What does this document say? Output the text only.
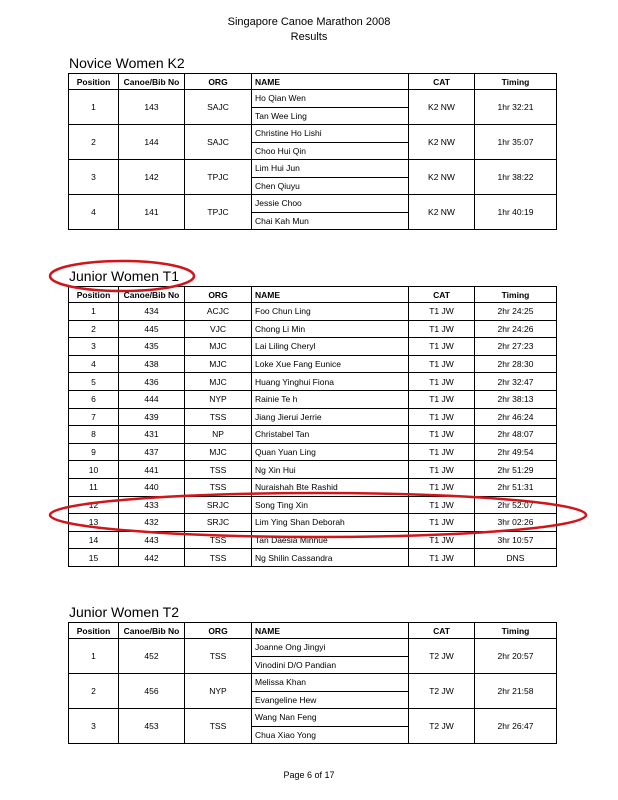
Singapore Canoe Marathon 2008
Results
Novice Women K2
Position	Canoe/Bib No	ORG	NAME	CAT	Timing
1	143	SAJC	Ho Qian Wen	K2 NW	1hr 32:21
			Tan Wee Ling		
2	144	SAJC	Christine Ho Lishi	K2 NW	1hr 35:07
			Choo Hui Qin		
3	142	TPJC	Lim Hui Jun	K2 NW	1hr 38:22
			Chen Qiuyu		
4	141	TPJC	Jessie Choo	K2 NW	1hr 40:19
			Chai Kah Mun		
Junior Women T1
Position	Canoe/Bib No	ORG	NAME	CAT	Timing
1	434	ACJC	Foo Chun Ling	T1 JW	2hr 24:25
2	445	VJC	Chong Li Min	T1 JW	2hr 24:26
3	435	MJC	Lai Liling Cheryl	T1 JW	2hr 27:23
4	438	MJC	Loke Xue Fang Eunice	T1 JW	2hr 28:30
5	436	MJC	Huang Yinghui Fiona	T1 JW	2hr 32:47
6	444	NYP	Rainie Te h	T1 JW	2hr 38:13
7	439	TSS	Jiang Jierui Jerrie	T1 JW	2hr 46:24
8	431	NP	Christabel Tan	T1 JW	2hr 48:07
9	437	MJC	Quan Yuan Ling	T1 JW	2hr 49:54
10	441	TSS	Ng Xin Hui	T1 JW	2hr 51:29
11	440	TSS	Nuraishah Bte Rashid	T1 JW	2hr 51:31
12	433	SRJC	Song Ting Xin	T1 JW	2hr 52:07
13	432	SRJC	Lim Ying Shan Deborah	T1 JW	3hr 02:26
14	443	TSS	Tan Daesia Minnue	T1 JW	3hr 10:57
15	442	TSS	Ng Shilin Cassandra	T1 JW	DNS
Junior Women T2
Position	Canoe/Bib No	ORG	NAME	CAT	Timing
1	452	TSS	Joanne Ong Jingyi	T2 JW	2hr 20:57
			Vinodini D/O Pandian		
2	456	NYP	Melissa Khan	T2 JW	2hr 21:58
			Evangeline Hew		
3	453	TSS	Wang Nan Feng	T2 JW	2hr 26:47
			Chua Xiao Yong		
Page 6 of 17
